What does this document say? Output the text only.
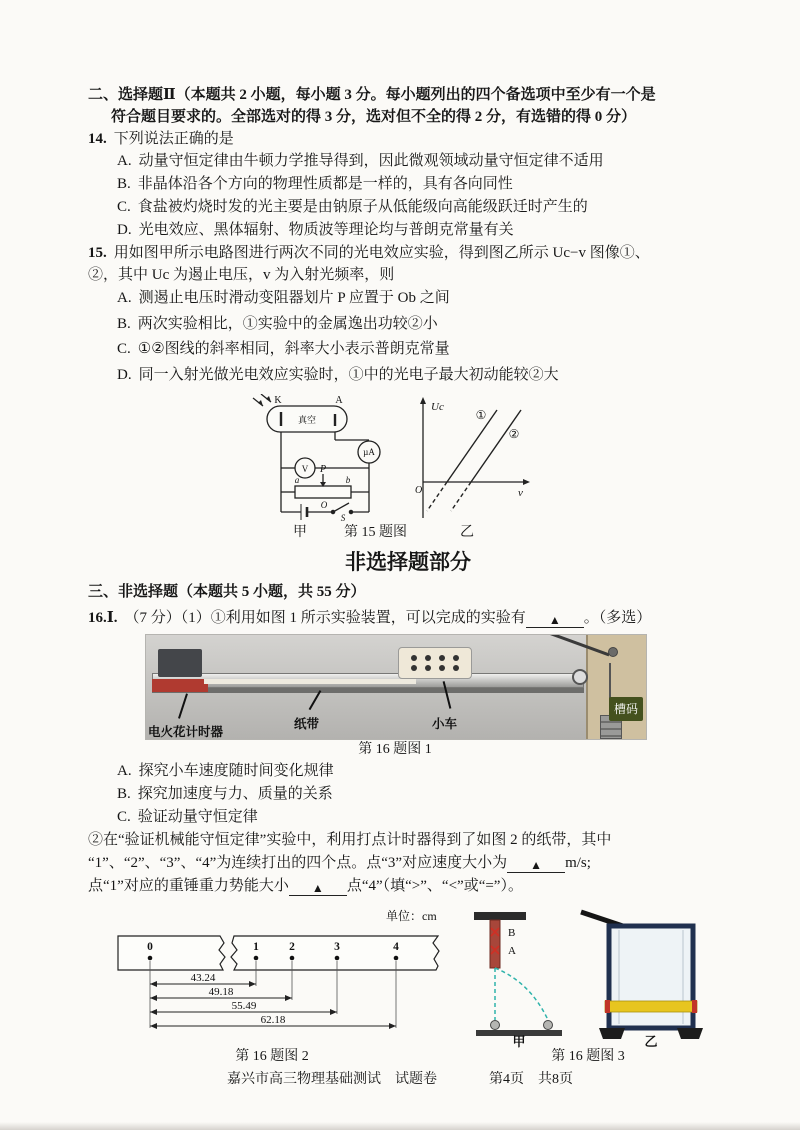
二、选择题Ⅱ（本题共 2 小题，每小题 3 分。每小题列出的四个备选项中至少有一个是

符合题目要求的。全部选对的得 3 分，选对但不全的得 2 分，有选错的得 0 分）

14. 下列说法正确的是

A. 动量守恒定律由牛顿力学推导得到，因此微观领域动量守恒定律不适用

B. 非晶体沿各个方向的物理性质都是一样的，具有各向同性

C. 食盐被灼烧时发的光主要是由钠原子从低能级向高能级跃迁时产生的

D. 光电效应、黑体辐射、物质波等理论均与普朗克常量有关

15. 用如图甲所示电路图进行两次不同的光电效应实验，得到图乙所示 Uc−v 图像①、

②，其中 Uc 为遏止电压，v 为入射光频率，则

A. 测遏止电压时滑动变阻器划片 P 应置于 Ob 之间

B. 两次实验相比，①实验中的金属逸出功较②小

C. ①②图线的斜率相同，斜率大小表示普朗克常量

D. 同一入射光做光电效应实验时，①中的光电子最大初动能较②大

K	A
真空
µA
V P
a	b
O
S
Uc
v
O
①
②
甲	第 15 题图	乙

非选择题部分

三、非选择题（本题共 5 小题，共 55 分）

16.Ⅰ. （7 分）（1）①利用如图 1 所示实验装置，可以完成的实验有 ▲ 。（多选）

电火花计时器
纸带	小车
槽码
第 16 题图 1

A. 探究小车速度随时间变化规律

B. 探究加速度与力、质量的关系

C. 验证动量守恒定律

②在“验证机械能守恒定律”实验中，利用打点计时器得到了如图 2 的纸带，其中

“1”、“2”、“3”、“4”为连续打出的四个点。点“3”对应速度大小为 ▲ m/s;

点“1”对应的重锤重力势能大小 ▲ 点“4”（填“>”、“<”或“=”）。

单位：cm
0	1	2	3	4
43.24
49.18
55.49
62.18
B
A
甲	乙
第 16 题图 2	第 16 题图 3
嘉兴市高三物理基础测试　试题卷	第4页　共8页
